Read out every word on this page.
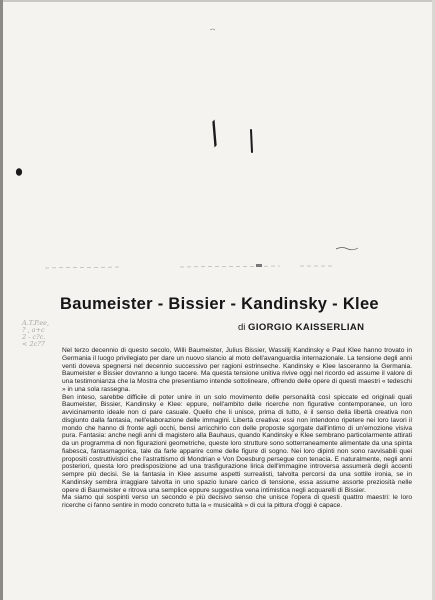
A.T.P.ee,
? , a+c
2 - c?c.
< 2c?7
Baumeister - Bissier - Kandinsky - Klee
di GIORGIO KAISSERLIAN

Nel terzo decennio di questo secolo, Willi Baumeister, Julius Bissier, Wassilij Kandinsky e Paul Klee hanno trovato in Germania il luogo privilegiato per dare un nuovo slancio al moto dell'avanguardia internazionale. La tensione degli anni venti doveva spegnersi nel decennio successivo per ragioni estrinseche. Kandinsky e Klee lasceranno la Germania. Baumeister e Bissier dovranno a lungo tacere. Ma questa tensione unitiva rivive oggi nel ricordo ed assume il valore di una testimonianza che la Mostra che presentiamo intende sottolineare, offrendo delle opere di questi maestri « tedeschi » in una sola rassegna.

Ben inteso, sarebbe difficile di poter unire in un solo movimento delle personalità così spiccate ed originali quali Baumeister, Bissier, Kandinsky e Klee: eppure, nell'ambito delle ricerche non figurative contemporanee, un loro avvicinamento ideale non ci pare casuale. Quello che li unisce, prima di tutto, è il senso della libertà creativa non disgiunto dalla fantasia, nell'elaborazione delle immagini. Libertà creativa: essi non intendono ripetere nei loro lavori il mondo che hanno di fronte agli occhi, bensì arricchirlo con delle proposte sgorgate dall'intimo di un'emozione visiva pura. Fantasia: anche negli anni di magistero alla Bauhaus, quando Kandinsky e Klee sembrano particolarmente attirati da un programma di non figurazioni geometriche, queste loro strutture sono sotterraneamente alimentate da una spinta fiabesca, fantasmagorica, tale da farle apparire come delle figure di sogno. Nei loro dipinti non sono ravvisabili quei propositi costruttivistici che l'astrattismo di Mondrian e Von Doesburg persegue con tenacia. E naturalmente, negli anni posteriori, questa loro predisposizione ad una trasfigurazione lirica dell'immagine introversa assumerà degli accenti sempre più decisi. Se la fantasia in Klee assume aspetti surrealisti, talvolta percorsi da una sottile ironia, se in Kandinsky sembra irraggiare talvolta in uno spazio lunare carico di tensione, essa assume assorte preziosità nelle opere di Baumeister e ritrova una semplice eppure suggestiva vena intimistica negli acquarelli di Bissier.

Ma siamo qui sospinti verso un secondo e più decisivo senso che unisce l'opera di questi quattro maestri: le loro ricerche ci fanno sentire in modo concreto tutta la « musicalità » di cui la pittura d'oggi è capace.
